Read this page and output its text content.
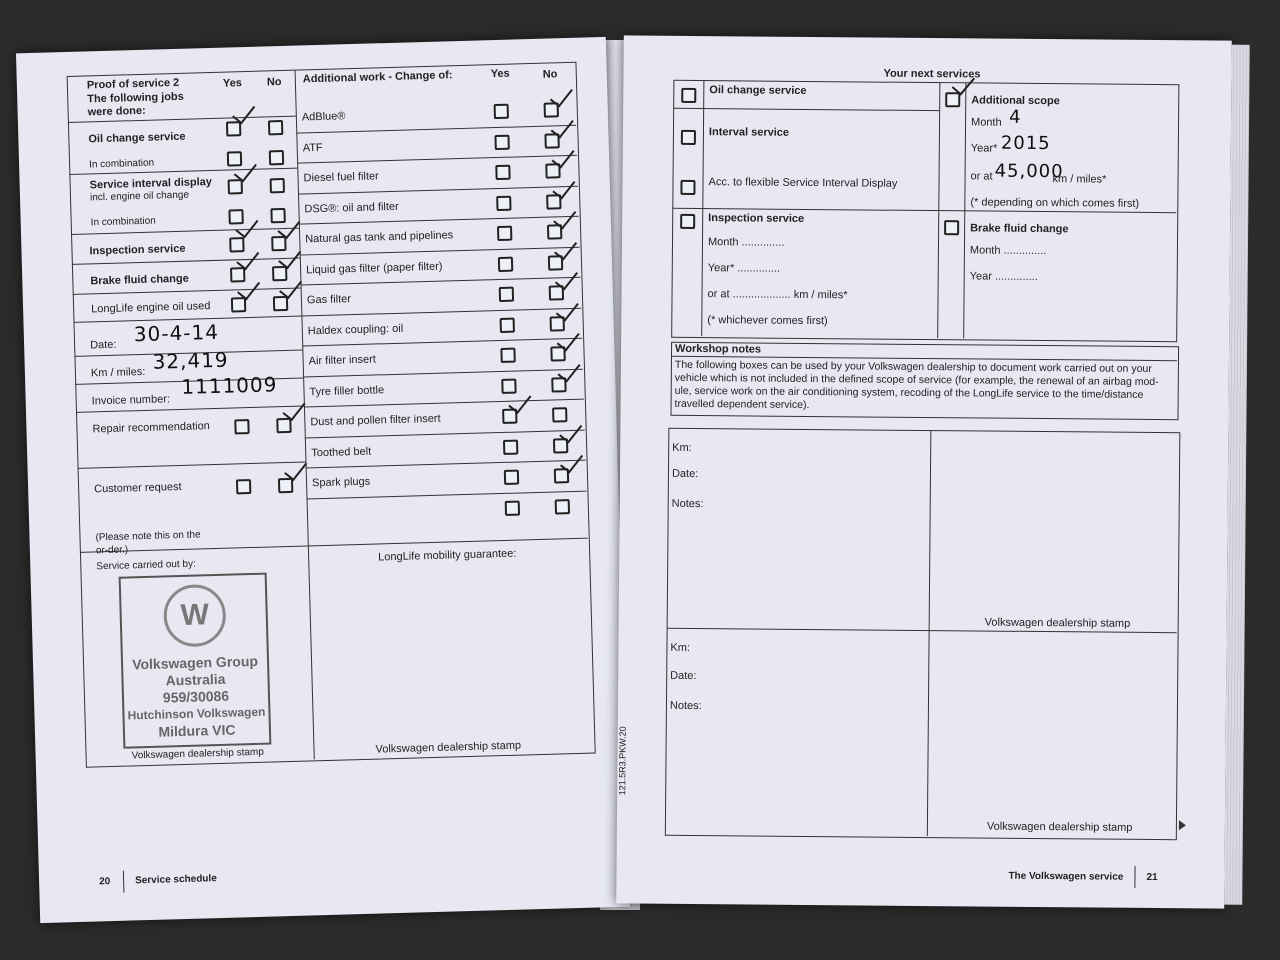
Proof of service 2
The following jobs were done:
Yes No
Oil change service
In combination
Service interval display
incl. engine oil change
In combination
Inspection service
Brake fluid change
LongLife engine oil used
Date: 30-4-14
Km / miles: 32,419
Invoice number:
1111009
Repair recommendation
Customer request
(Please note this on the or-der.)
Service carried out by:
W
Volkswagen Group
Australia
959/30086
Hutchinson Volkswagen
Mildura VIC
Volkswagen dealership stamp
LongLife mobility guarantee:
Volkswagen dealership stamp
Additional work - Change of:	Yes	No
AdBlue®
ATF
Diesel fuel filter
DSG®: oil and filter
Natural gas tank and pipelines
Liquid gas filter (paper filter)
Gas filter
Haldex coupling: oil
Air filter insert
Tyre filler bottle
Dust and pollen filter insert
Toothed belt
Spark plugs
20 Service schedule
Your next services
Oil change service
Interval service
Acc. to flexible Service Interval Display
Additional scope
Month 4
Year* 2015
or at 45,000
km / miles*
(* depending on which comes first)
Inspection service
Month ..............
Year* ..............
or at ................... km / miles*
(* whichever comes first)
Brake fluid change
Month ..............
Year ..............
Workshop notes
The following boxes can be used by your Volkswagen dealership to document work carried out on your vehicle which is not included in the defined scope of service (for example, the renewal of an airbag mod-ule, service work on the air conditioning system, recoding of the LongLife service to the time/distance travelled dependent service).
Km:
Date:
Notes:
Volkswagen dealership stamp
Km:
Date:
Notes:
Volkswagen dealership stamp
121.5R3.PKW.20
The Volkswagen service 21
